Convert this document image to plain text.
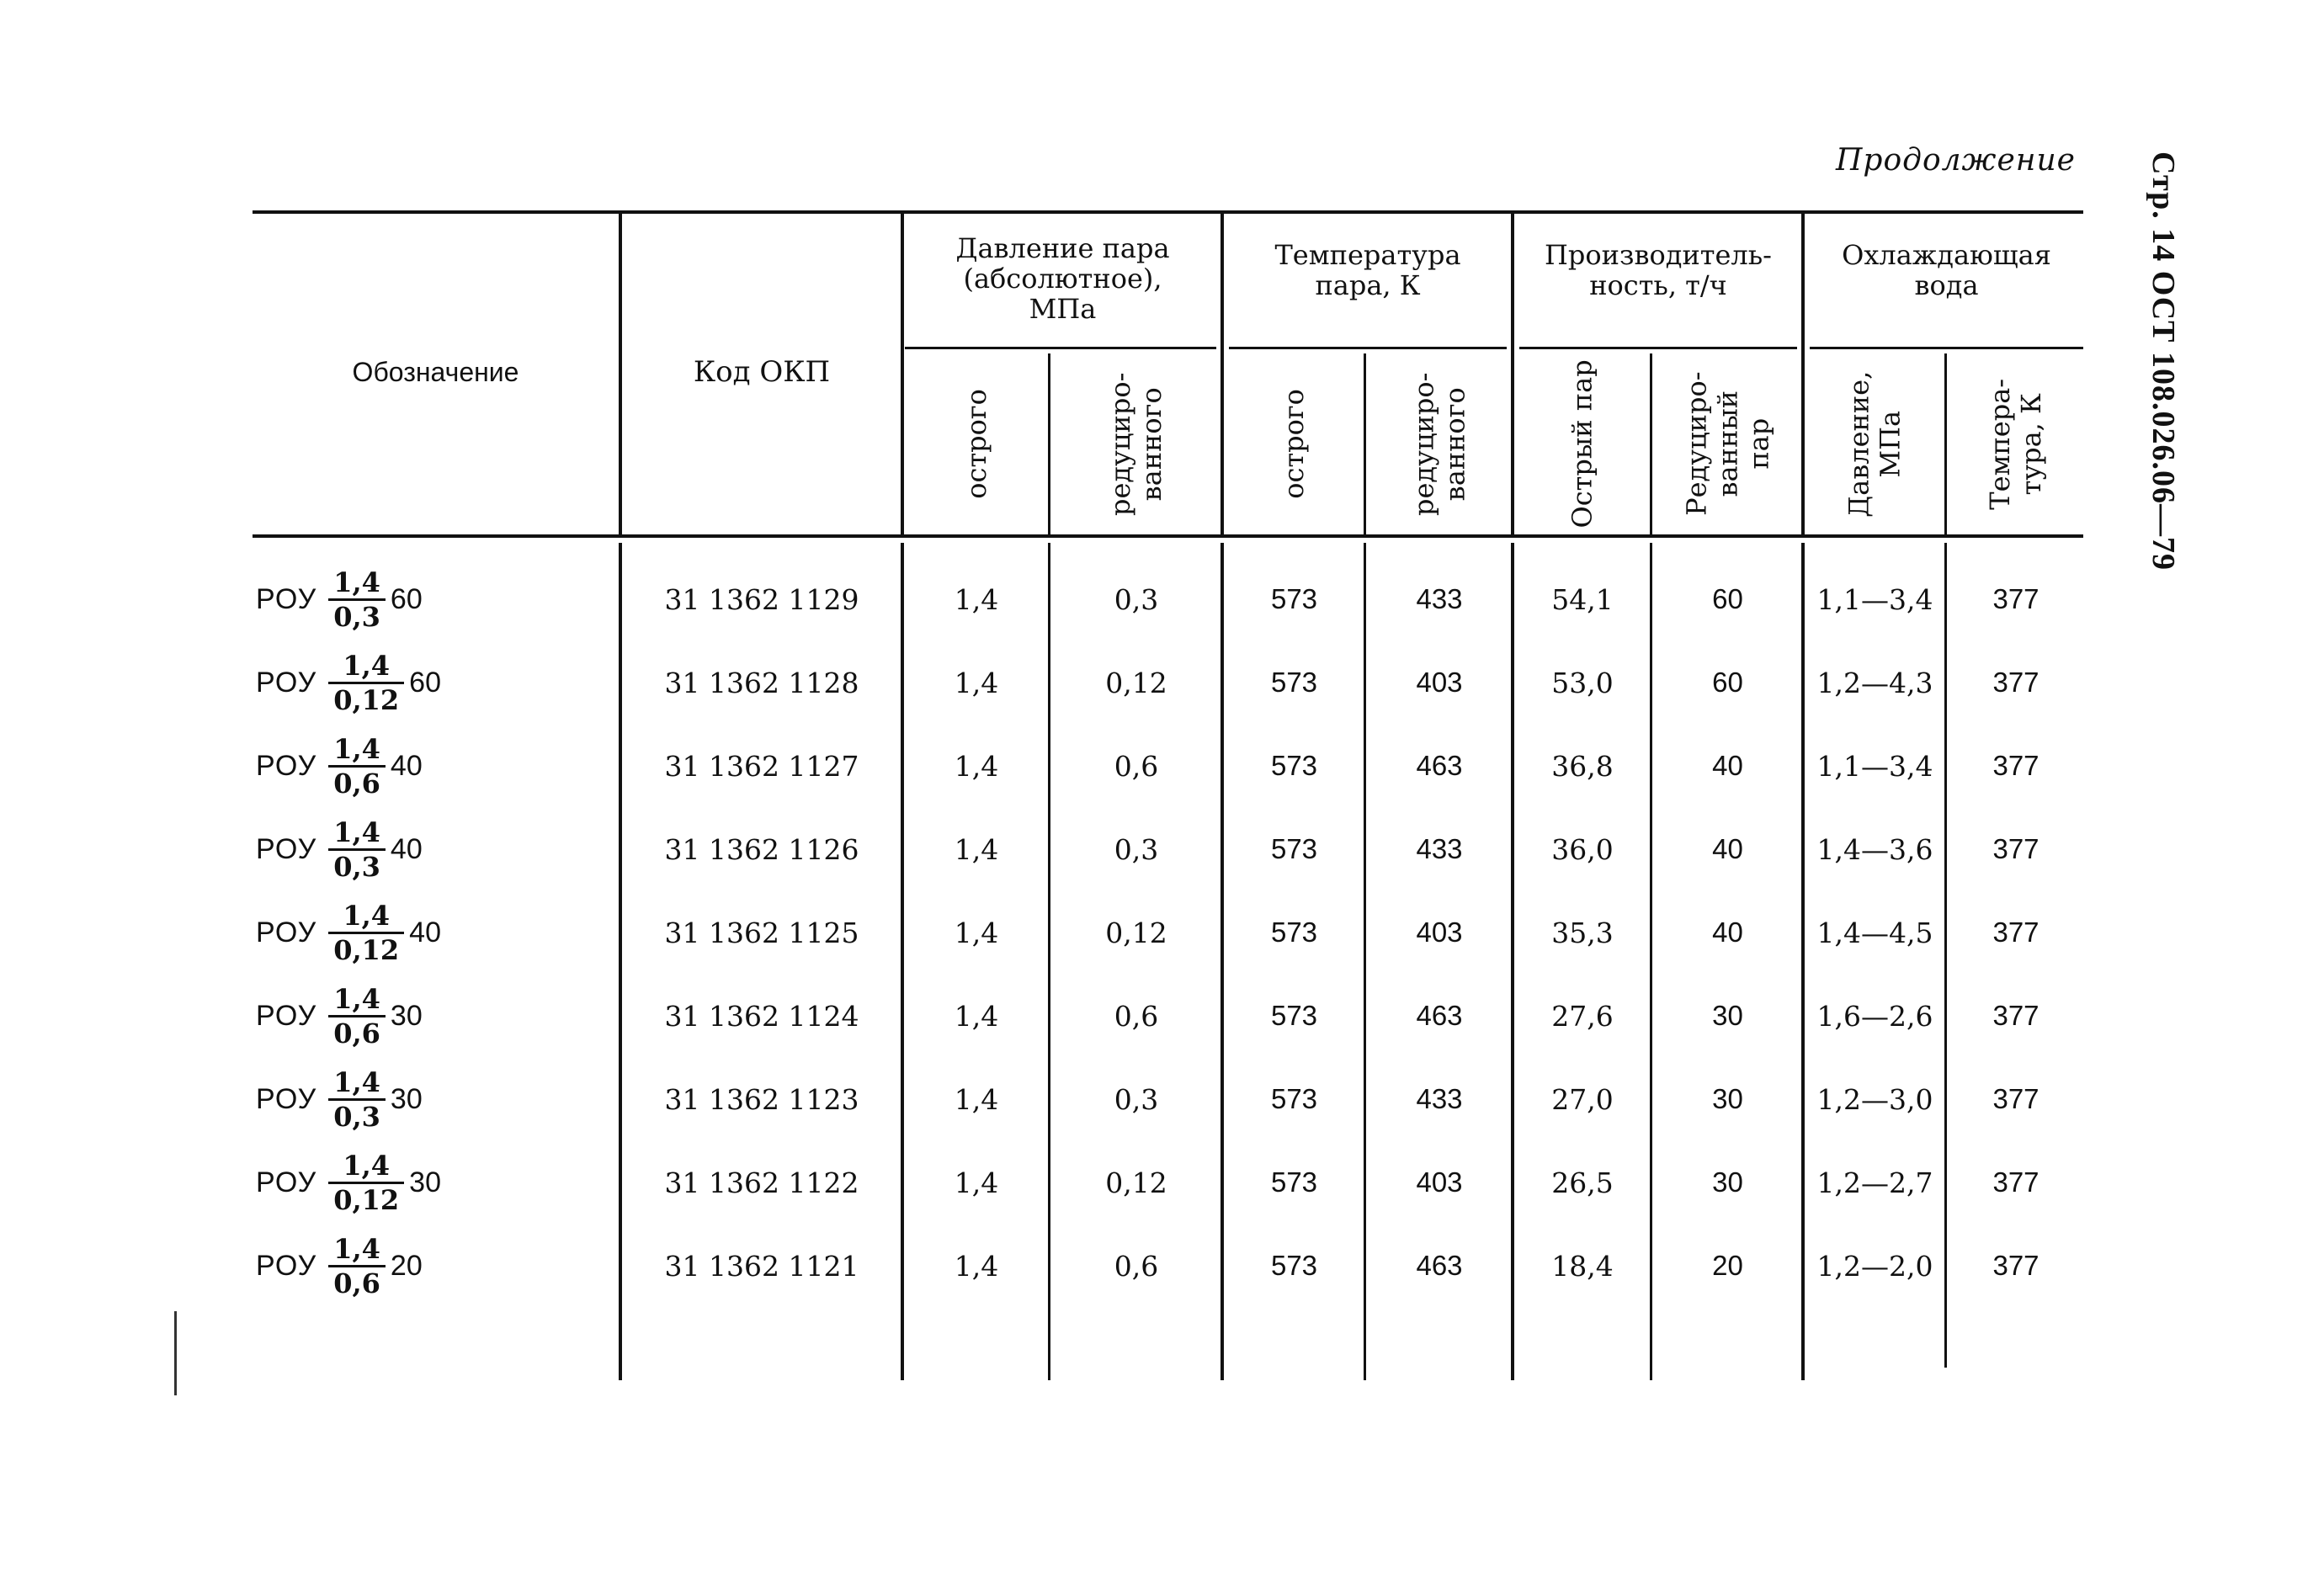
Продолжение Стр. 14 ОСТ 108.026.06—79
Обозначение	Код ОКП
Давление пара (абсолютное), МПа
Температура пара, К
Производитель-ность, т/ч
Охлаждающая вода
острого	редуциро-ванного	острого	редуциро-ванного	Острый пар	Редуциро-ванный пар	Давление, МПа	Темпера-тура, К
РОУ $\frac{1,4}{0,3} 60$	31 1362 1129	1,4	0,3	573	433	54,1	60	1,1—3,4	377
РОУ $\frac{1,4}{0,12} 60$	31 1362 1128	1,4	0,12	573	403	53,0	60	1,2—4,3	377
РОУ $\frac{1,4}{0,6} 40$	31 1362 1127	1,4	0,6	573	463	36,8	40	1,1—3,4	377
РОУ $\frac{1,4}{0,3} 40$	31 1362 1126	1,4	0,3	573	433	36,0	40	1,4—3,6	377
РОУ $\frac{1,4}{0,12} 40$	31 1362 1125	1,4	0,12	573	403	35,3	40	1,4—4,5	377
РОУ $\frac{1,4}{0,6} 30$	31 1362 1124	1,4	0,6	573	463	27,6	30	1,6—2,6	377
РОУ $\frac{1,4}{0,3} 30$	31 1362 1123	1,4	0,3	573	433	27,0	30	1,2—3,0	377
РОУ $\frac{1,4}{0,12} 30$	31 1362 1122	1,4	0,12	573	403	26,5	30	1,2—2,7	377
РОУ $\frac{1,4}{0,6} 20$	31 1362 1121	1,4	0,6	573	463	18,4	20	1,2—2,0	377
